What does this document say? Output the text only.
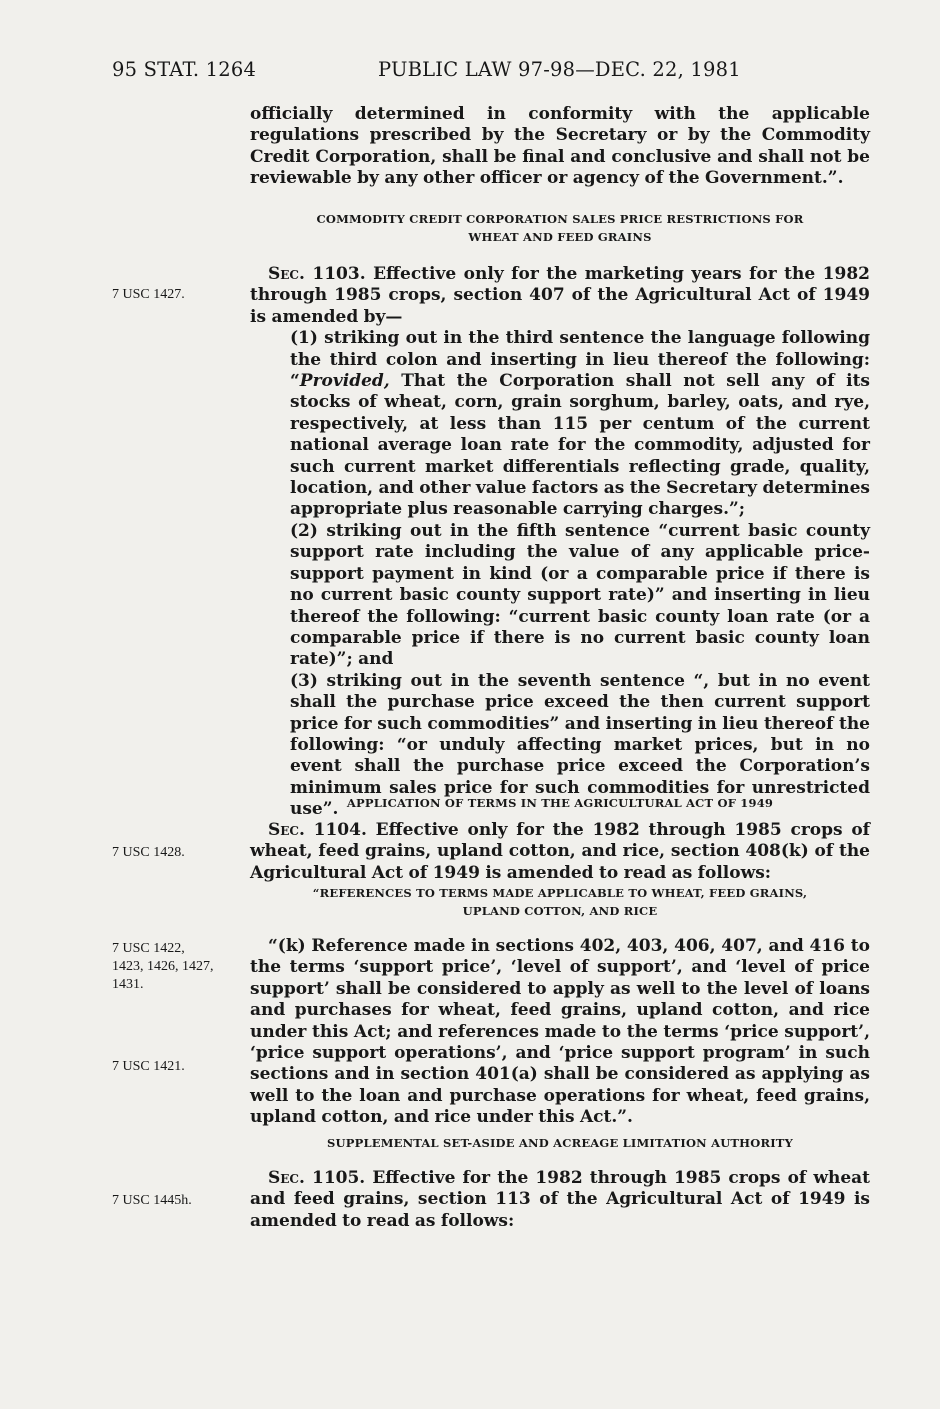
95 STAT. 1264	PUBLIC LAW 97-98—DEC. 22, 1981

officially determined in conformity with the applicable regulations prescribed by the Secretary or by the Commodity Credit Corporation, shall be final and conclusive and shall not be reviewable by any other officer or agency of the Government.”.

COMMODITY CREDIT CORPORATION SALES PRICE RESTRICTIONS FOR
WHEAT AND FEED GRAINS
7 USC 1427.

Sec. 1103. Effective only for the marketing years for the 1982 through 1985 crops, section 407 of the Agricultural Act of 1949 is amended by—

(1) striking out in the third sentence the language following the third colon and inserting in lieu thereof the following: “Provided, That the Corporation shall not sell any of its stocks of wheat, corn, grain sorghum, barley, oats, and rye, respectively, at less than 115 per centum of the current national average loan rate for the commodity, adjusted for such current market differentials reflecting grade, quality, location, and other value factors as the Secretary determines appropriate plus reasonable carrying charges.”;

(2) striking out in the fifth sentence “current basic county support rate including the value of any applicable price-support payment in kind (or a comparable price if there is no current basic county support rate)” and inserting in lieu thereof the following: “current basic county loan rate (or a comparable price if there is no current basic county loan rate)”; and

(3) striking out in the seventh sentence “, but in no event shall the purchase price exceed the then current support price for such commodities” and inserting in lieu thereof the following: “or unduly affecting market prices, but in no event shall the purchase price exceed the Corporation’s minimum sales price for such commodities for unrestricted use”. APPLICATION OF TERMS IN THE AGRICULTURAL ACT OF 1949
7 USC 1428.

Sec. 1104. Effective only for the 1982 through 1985 crops of wheat, feed grains, upland cotton, and rice, section 408(k) of the Agricultural Act of 1949 is amended to read as follows:

“REFERENCES TO TERMS MADE APPLICABLE TO WHEAT, FEED GRAINS,
UPLAND COTTON, AND RICE
7 USC 1422,
1423, 1426, 1427,
1431.

“(k) Reference made in sections 402, 403, 406, 407, and 416 to the terms ‘support price’, ‘level of support’, and ‘level of price support’ shall be considered to apply as well to the level of loans and purchases for wheat, feed grains, upland cotton, and rice under this Act; and references made to the terms ‘price support’, ‘price support operations’, and ‘price support program’ in such sections and in section 401(a) shall be considered as applying as well to the loan and purchase operations for wheat, feed grains, upland cotton, and rice under this Act.”.

7 USC 1421.
SUPPLEMENTAL SET-ASIDE AND ACREAGE LIMITATION AUTHORITY
7 USC 1445h.

Sec. 1105. Effective for the 1982 through 1985 crops of wheat and feed grains, section 113 of the Agricultural Act of 1949 is amended to read as follows:
